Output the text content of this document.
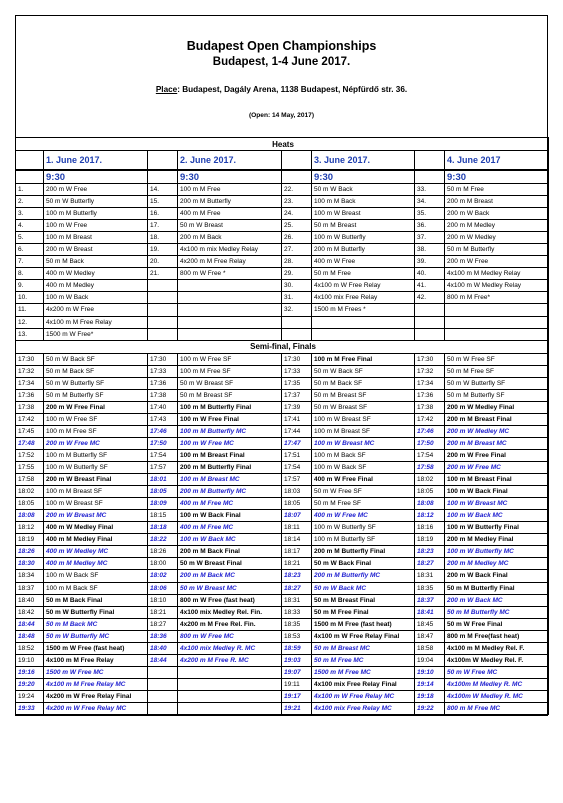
Budapest Open Championships
Budapest, 1-4 June 2017.
Place: Budapest, Dagály Arena, 1138 Budapest, Népfürdő str. 36.
(Open: 14 May, 2017)
Heats							
	1. June 2017.		2. June 2017.		3. June 2017.		4. June 2017
	9:30		9:30		9:30		9:30
1.	200 m W Free	14.	100 m M Free	22.	50 m W Back	33.	50 m M Free
2.	50 m W Butterfly	15.	200 m M Butterfly	23.	100 m M Back	34.	200 m M Breast
3.	100 m M Butterfly	16.	400 m M Free	24.	100 m W Breast	35.	200 m W Back
4.	100 m W Free	17.	50 m W Breast	25.	50 m M Breast	36.	200 m M Medley
5.	100 m M Breast	18.	200 m M Back	26.	100 m W Butterfly	37.	200 m W Medley
6.	200 m W Breast	19.	4x100 m mix Medley Relay	27.	200 m M Butterfly	38.	50 m M Butterfly
7.	50 m M Back	20.	4x200 m M Free Relay	28.	400 m W Free	39.	200 m W Free
8.	400 m W Medley	21.	800 m W Free *	29.	50 m M Free	40.	4x100 m M Medley Relay
9.	400 m M Medley			30.	4x100 m W Free Relay	41.	4x100 m W Medley Relay
10.	100 m W Back			31.	4x100 mix Free Relay	42.	800 m M Free*
11.	4x200 m W Free			32.	1500 m M Frees *		
12.	4x100 m M Free Relay						
13.	1500 m W Free*						
Semi-final, Finals							
17:30	50 m W Back SF	17:30	100 m W Free SF	17:30	100 m M Free Final	17:30	50 m W Free SF
17:32	50 m M Back SF	17:33	100 m M Free SF	17:33	50 m W Back SF	17:32	50 m M Free SF
17:34	50 m W Butterfly SF	17:36	50 m W Breast SF	17:35	50 m M Back SF	17:34	50 m W Butterfly SF
17:36	50 m M Butterfly SF	17:38	50 m M Breast SF	17:37	50 m M Breast SF	17:36	50 m M Butterfly SF
17:38	200 m W Free Final	17:40	100 m M Butterfly Final	17:39	50 m W Breast SF	17:38	200 m W Medley Final
17:42	100 m W Free SF	17:43	100 m W Free Final	17:41	100 m W Breast SF	17:42	200 m M Breast Final
17:45	100 m M Free SF	17:46	100 m M Butterfly MC	17:44	100 m M Breast SF	17:46	200 m W Medley MC
17:48	200 m W Free MC	17:50	100 m W Free MC	17:47	100 m W Breast MC	17:50	200 m M Breast MC
17:52	100 m M Butterfly SF	17:54	100 m M Breast Final	17:51	100 m M Back SF	17:54	200 m W Free Final
17:55	100 m W Butterfly SF	17:57	200 m M Butterfly Final	17:54	100 m W Back SF	17:58	200 m W Free MC
17:58	200 m W Breast Final	18:01	100 m M Breast MC	17:57	400 m W Free Final	18:02	100 m M Breast Final
18:02	100 m M Breast SF	18:05	200 m M Butterfly MC	18:03	50 m W Free SF	18:05	100 m W Back Final
18:05	100 m W Breast SF	18:09	400 m M Free MC	18:05	50 m M Free SF	18:08	100 m W Breast MC
18:08	200 m W Breast MC	18:15	100 m W Back Final	18:07	400 m W Free MC	18:12	100 m W Back MC
18:12	400 m W Medley Final	18:18	400 m M Free MC	18:11	100 m W Butterfly SF	18:16	100 m W Butterfly Final
18:19	400 m M Medley Final	18:22	100 m W Back MC	18:14	100 m M Butterfly SF	18:19	200 m M Medley Final
18:26	400 m W Medley MC	18:26	200 m M Back Final	18:17	200 m M Butterfly Final	18:23	100 m W Butterfly MC
18:30	400 m M Medley MC	18:00	50 m W Breast Final	18:21	50 m W Back Final	18:27	200 m M Medley MC
18:34	100 m W Back SF	18:02	200 m M Back MC	18:23	200 m M Butterfly MC	18:31	200 m W Back Final
18:37	100 m M Back SF	18:06	50 m W Breast MC	18:27	50 m W Back MC	18:35	50 m M Butterfly Final
18:40	50 m M Back Final	18:10	800 m W Free (fast heat)	18:31	50 m M Breast Final	18:37	200 m W Back MC
18:42	50 m W Butterfly Final	18:21	4x100 mix Medley Rel. Fin.	18:33	50 m M Free Final	18:41	50 m M Butterfly MC
18:44	50 m M Back MC	18:27	4x200 m M Free Rel. Fin.	18:35	1500 m M Free (fast heat)	18:45	50 m W Free Final
18:48	50 m W Butterfly MC	18:36	800 m W Free MC	18:53	4x100 m W Free Relay Final	18:47	800 m M Free(fast heat)
18:52	1500 m W Free (fast heat)	18:40	4x100 mix Medley R. MC	18:59	50 m M Breast MC	18:58	4x100 m M Medley Rel. F.
19:10	4x100 m M Free Relay	18:44	4x200 m M Free R. MC	19:03	50 m M Free MC	19:04	4x100m W Medley Rel. F.
19:16	1500 m W Free MC			19:07	1500 m M Free MC	19:10	50 m W Free MC
19:20	4x100 m M Free Relay MC			19:11	4x100 mix Free Relay Final	19:14	4x100m M Medley R. MC
19:24	4x200 m W Free Relay Final			19:17	4x100 m W Free Relay MC	19:18	4x100m W Medley R. MC
19:33	4x200 m W Free Relay MC			19:21	4x100 mix Free Relay MC	19:22	800 m M Free MC
